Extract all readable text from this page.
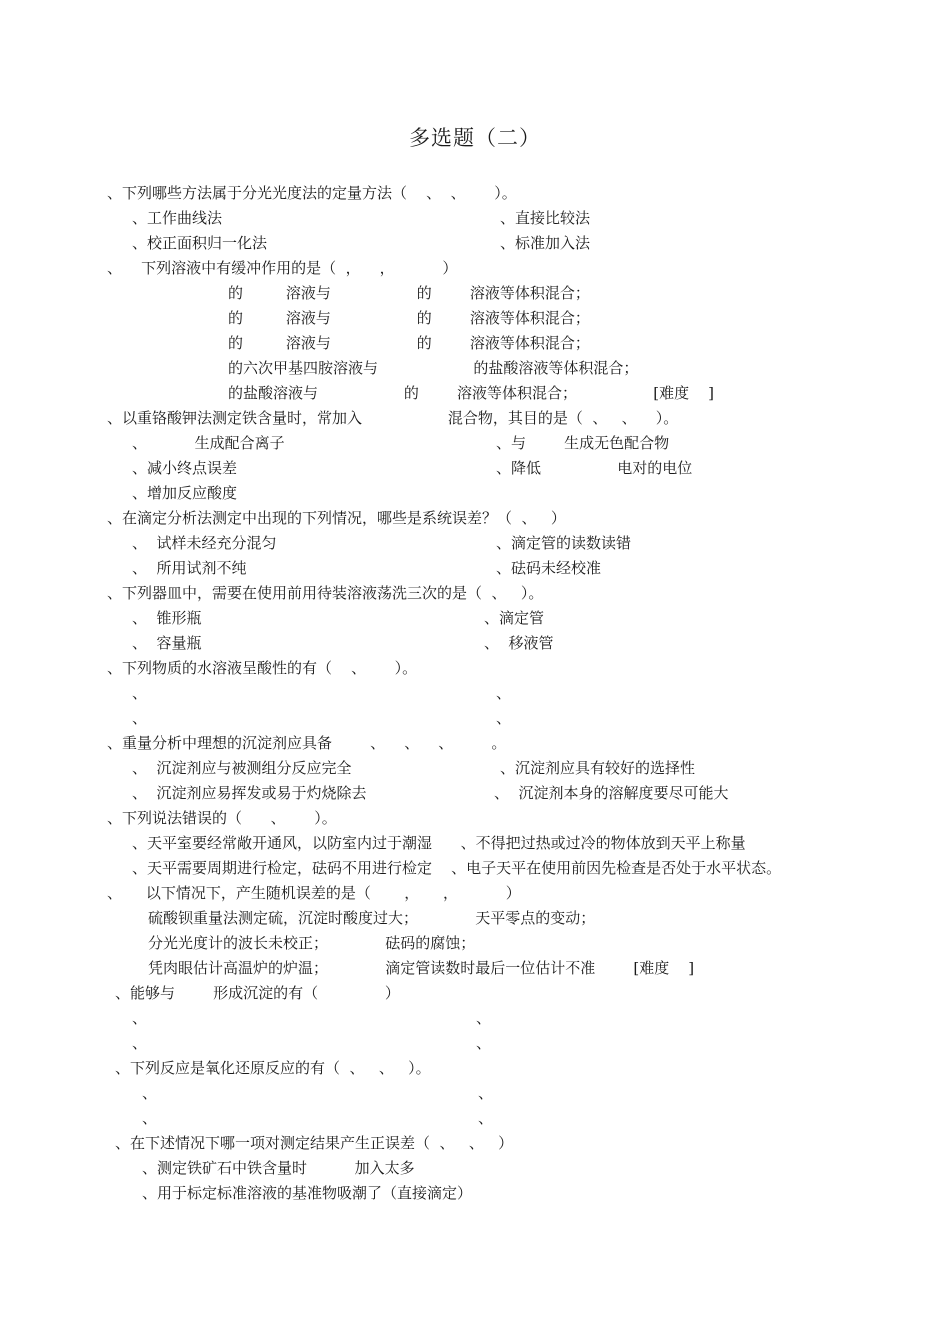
多选题（二）
、下列哪些方法属于分光光度法的定量方法（    、  、      ）。
、工作曲线法	、直接比较法
、校正面积归一化法	、标准加入法
、    下列溶液中有缓冲作用的是（  ，    ，          ）
的         溶液与                  的        溶液等体积混合；
的         溶液与                  的        溶液等体积混合；
的         溶液与                  的        溶液等体积混合；
的六次甲基四胺溶液与                    的盐酸溶液等体积混合；
的盐酸溶液与                  的        溶液等体积混合；                [难度    ]
、以重铬酸钾法测定铁含量时，常加入                  混合物，其目的是（  、   、    ）。
、          生成配合离子	、与        生成无色配合物
、减小终点误差	、降低                电对的电位
、增加反应酸度
、在滴定分析法测定中出现的下列情况，哪些是系统误差？（  、   ）
、  试样未经充分混匀	、滴定管的读数读错
、  所用试剂不纯	、砝码未经校准
、下列器皿中，需要在使用前用待装溶液荡洗三次的是（  、   ）。
、  锥形瓶	、滴定管
、  容量瓶	、  移液管
、下列物质的水溶液呈酸性的有（    、      ）。
、	、
、	、
、重量分析中理想的沉淀剂应具备        、    、    、        。
、  沉淀剂应与被测组分反应完全	、沉淀剂应具有较好的选择性
、  沉淀剂应易挥发或易于灼烧除去	、  沉淀剂本身的溶解度要尽可能大
、下列说法错误的（      、      ）。
、天平室要经常敞开通风，以防室内过于潮湿      、不得把过热或过冷的物体放到天平上称量
、天平需要周期进行检定，砝码不用进行检定    、电子天平在使用前因先检查是否处于水平状态。
、     以下情况下，产生随机误差的是（       ，     ，          ）
硫酸钡重量法测定硫，沉淀时酸度过大；            天平零点的变动；
分光光度计的波长未校正；            砝码的腐蚀；
凭肉眼估计高温炉的炉温；            滴定管读数时最后一位估计不准        [难度    ]
、能够与        形成沉淀的有（              ）
、	、
、	、
、下列反应是氧化还原反应的有（  、   、   ）。
、	、
、	、
、在下述情况下哪一项对测定结果产生正误差（  、   、   ）
、测定铁矿石中铁含量时          加入太多
、用于标定标准溶液的基准物吸潮了（直接滴定）
